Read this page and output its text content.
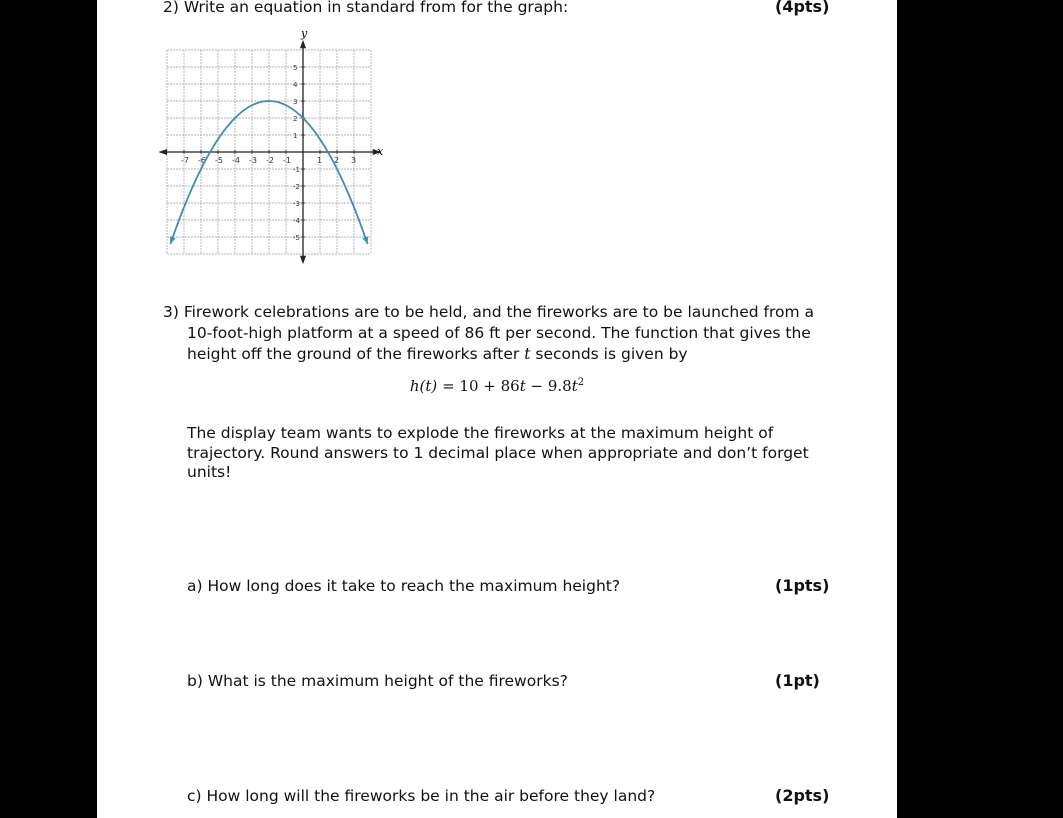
2) Write an equation in standard from for the graph:	(4pts)
-7 -6 -5 -4 -3 -2 -1	1 2 3
5
4
3
2
1
-1
-2
-3
-4
-5
x
y
3) Firework celebrations are to be held, and the fireworks are to be launched from a
10-foot-high platform at a speed of 86 ft per second. The function that gives the
height off the ground of the fireworks after t seconds is given by
$h(t) = 10 + 86t - 9.8t^2$
The display team wants to explode the fireworks at the maximum height of trajectory. Round answers to 1 decimal place when appropriate and don’t forget units!
a) How long does it take to reach the maximum height?	(1pts)
b) What is the maximum height of the fireworks?	(1pt)
c) How long will the fireworks be in the air before they land?	(2pts)
